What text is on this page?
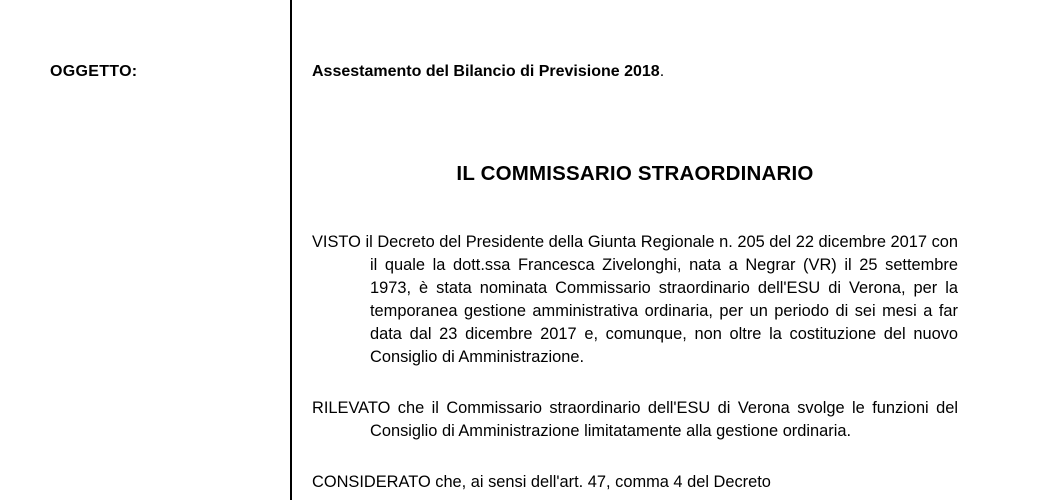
OGGETTO:	Assestamento del Bilancio di Previsione 2018.
IL COMMISSARIO STRAORDINARIO
VISTO il Decreto del Presidente della Giunta Regionale n. 205 del 22 dicembre 2017 con il quale la dott.ssa Francesca Zivelonghi, nata a Negrar (VR) il 25 settembre 1973, è stata nominata Commissario straordinario dell'ESU di Verona, per la temporanea gestione amministrativa ordinaria, per un periodo di sei mesi a far data dal 23 dicembre 2017 e, comunque, non oltre la costituzione del nuovo Consiglio di Amministrazione.
RILEVATO che il Commissario straordinario dell'ESU di Verona svolge le funzioni del Consiglio di Amministrazione limitatamente alla gestione ordinaria.
CONSIDERATO che, ai sensi dell'art. 47, comma 4 del Decreto
